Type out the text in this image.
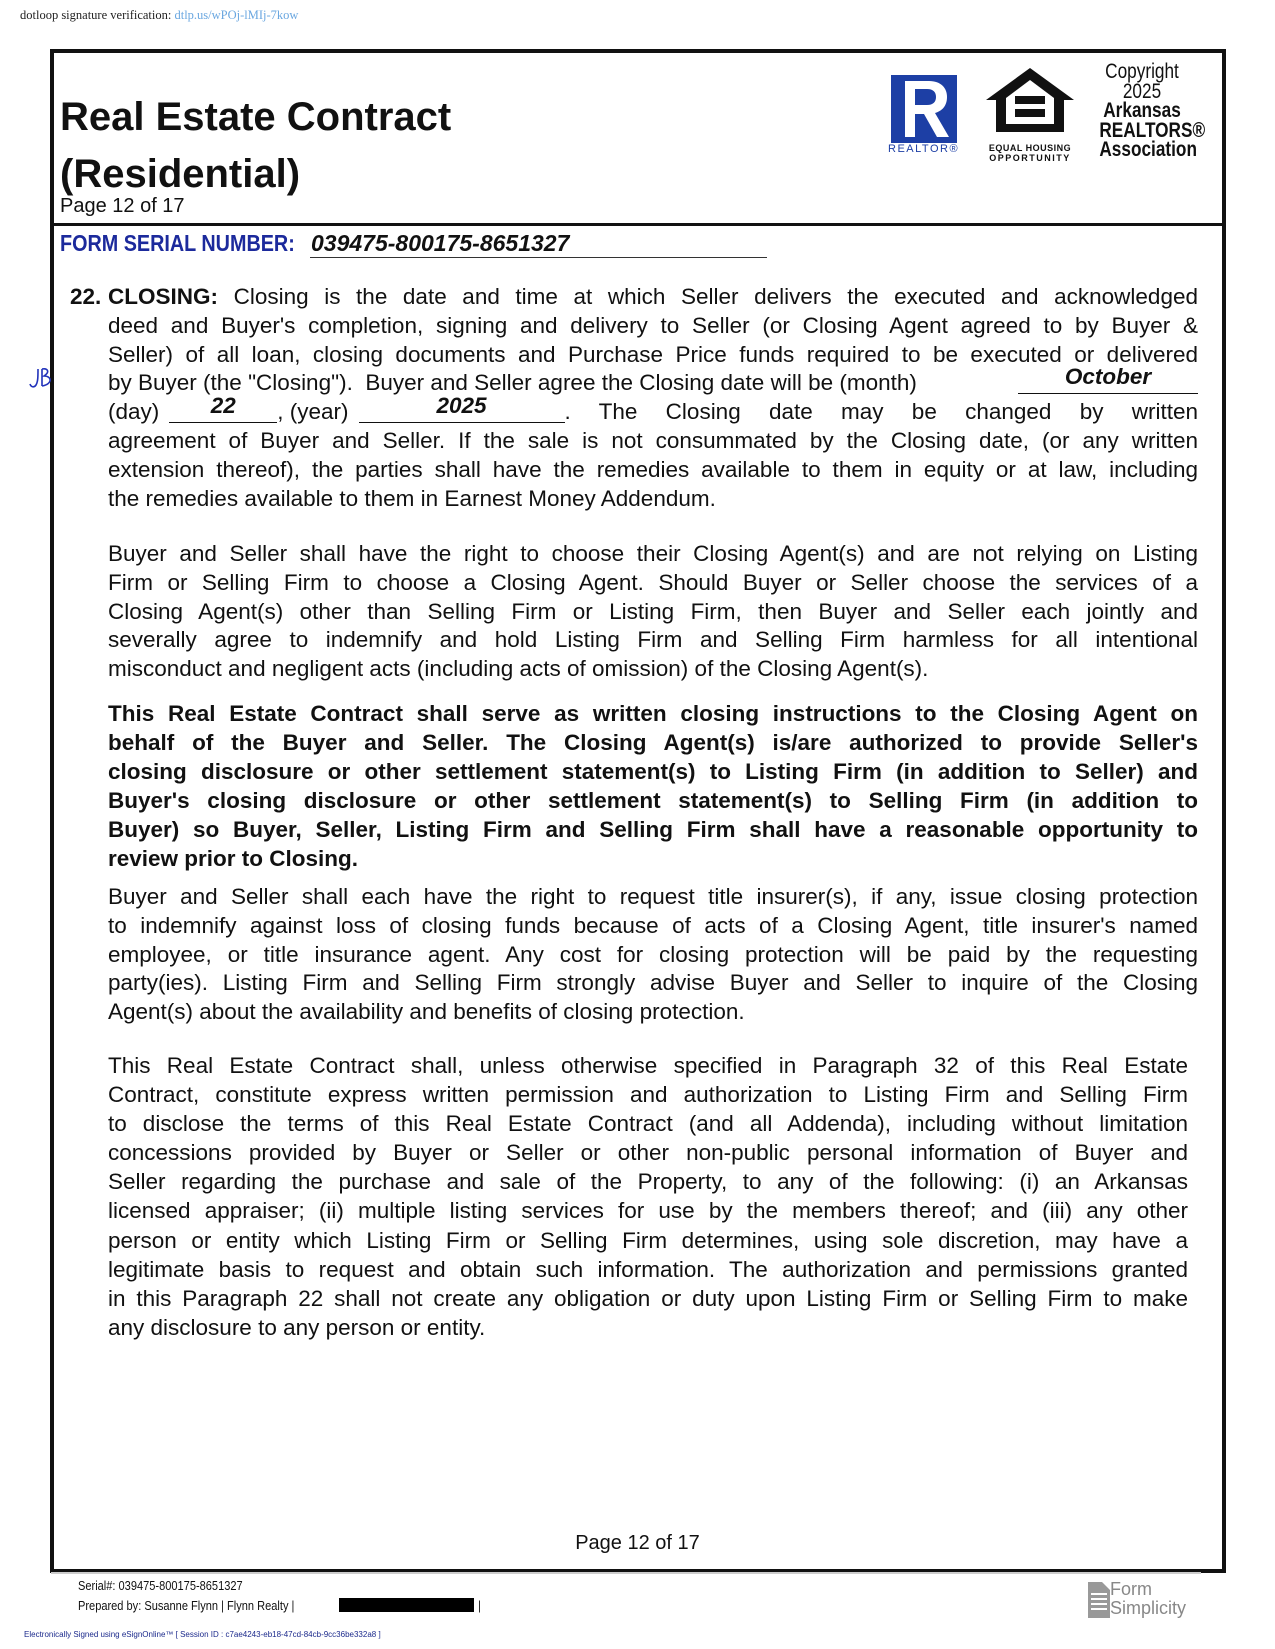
dotloop signature verification: dtlp.us/wPOj-lMIj-7kow
Real Estate Contract
(Residential)
Page 12 of 17
REALTOR®	EQUAL HOUSING
OPPORTUNITY
Copyright
2025
Arkansas
REALTORS®
Association
FORM SERIAL NUMBER: 039475-800175-8651327
22. CLOSING: Closing is the date and time at which Seller delivers the executed and acknowledged
deed and Buyer's completion, signing and delivery to Seller (or Closing Agent agreed to by Buyer &
Seller) of all loan, closing documents and Purchase Price funds required to be executed or delivered
by Buyer (the "Closing").  Buyer and Seller agree the Closing date will be (month)	October
(day)	22	, (year)	2025	. The Closing date may be changed by written
agreement of Buyer and Seller. If the sale is not consummated by the Closing date, (or any written
extension thereof), the parties shall have the remedies available to them in equity or at law, including
the remedies available to them in Earnest Money Addendum.
Buyer and Seller shall have the right to choose their Closing Agent(s) and are not relying on Listing
Firm or Selling Firm to choose a Closing Agent. Should Buyer or Seller choose the services of a
Closing Agent(s) other than Selling Firm or Listing Firm, then Buyer and Seller each jointly and
severally agree to indemnify and hold Listing Firm and Selling Firm harmless for all intentional
misconduct and negligent acts (including acts of omission) of the Closing Agent(s).
This Real Estate Contract shall serve as written closing instructions to the Closing Agent on
behalf of the Buyer and Seller. The Closing Agent(s) is/are authorized to provide Seller's
closing disclosure or other settlement statement(s) to Listing Firm (in addition to Seller) and
Buyer's closing disclosure or other settlement statement(s) to Selling Firm (in addition to
Buyer) so Buyer, Seller, Listing Firm and Selling Firm shall have a reasonable opportunity to
review prior to Closing.
Buyer and Seller shall each have the right to request title insurer(s), if any, issue closing protection
to indemnify against loss of closing funds because of acts of a Closing Agent, title insurer's named
employee, or title insurance agent. Any cost for closing protection will be paid by the requesting
party(ies). Listing Firm and Selling Firm strongly advise Buyer and Seller to inquire of the Closing
Agent(s) about the availability and benefits of closing protection.
This Real Estate Contract shall, unless otherwise specified in Paragraph 32 of this Real Estate
Contract, constitute express written permission and authorization to Listing Firm and Selling Firm
to disclose the terms of this Real Estate Contract (and all Addenda), including without limitation
concessions provided by Buyer or Seller or other non-public personal information of Buyer and
Seller regarding the purchase and sale of the Property, to any of the following: (i) an Arkansas
licensed appraiser; (ii) multiple listing services for use by the members thereof; and (iii) any other
person or entity which Listing Firm or Selling Firm determines, using sole discretion, may have a
legitimate basis to request and obtain such information. The authorization and permissions granted
in this Paragraph 22 shall not create any obligation or duty upon Listing Firm or Selling Firm to make
any disclosure to any person or entity.
Page 12 of 17
Serial#: 039475-800175-8651327
Prepared by: Susanne Flynn | Flynn Realty |	|
Form
Simplicity
Electronically Signed using eSignOnline™ [ Session ID : c7ae4243-eb18-47cd-84cb-9cc36be332a8 ]
